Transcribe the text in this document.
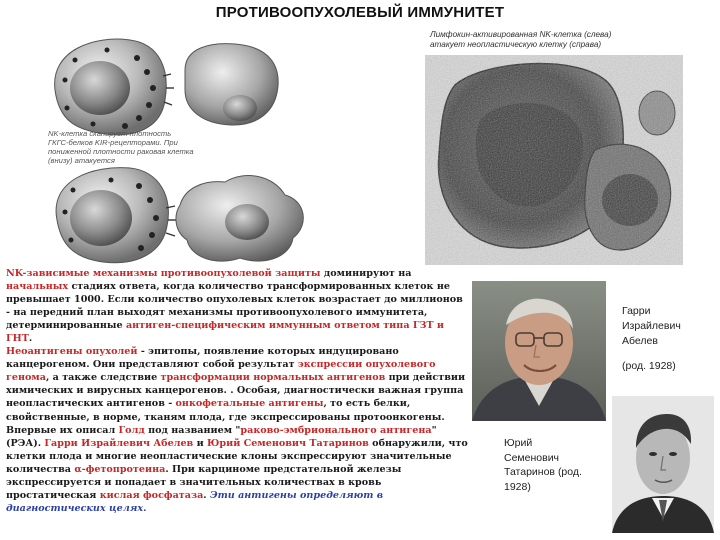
ПРОТИВООПУХОЛЕВЫЙ ИММУНИТЕТ
NK-клетка сканирует плотность
ГКГС-белков KIR-рецепторами. При
пониженной плотности раковая клетка
(внизу) атакуется
Лимфокин-активированная NK-клетка (слева)
атакует неопластическую клетку (справа)
NK-зависимые механизмы противоопухолевой защиты доминируют на начальных стадиях ответа, когда количество трансформированных клеток не превышает 1000. Если количество опухолевых клеток возрастает до миллионов - на передний план выходят механизмы противоопухолевого иммунитета, детерминированные антиген-специфическим иммунным ответом типа ГЗТ и ГНТ.
Неоантигены опухолей - эпитопы, появление которых индуцировано канцерогеном. Они представляют собой результат экспрессии опухолевого генома, а также следствие трансформации нормальных антигенов при действии химических и вирусных канцерогенов. . Особая, диагностически важная группа неопластических антигенов - онкофетальные антигены, то есть белки, свойственные, в норме, тканям плода, где экспрессированы протоонкогены. Впервые их описал Голд под названием "раково-эмбрионального антигена" (РЭА). Гарри Израйлевич Абелев и Юрий Семенович Татаринов обнаружили, что клетки плода и многие неопластические клоны экспрессируют значительные количества α-фетопротеина. При карциноме предстательной железы экспрессируется и попадает в значительных количествах в кровь простатическая кислая фосфатаза. Эти антигены определяют в диагностических целях.
Гарри
Израйлевич
Абелев
(род. 1928)
Юрий
Семенович
Татаринов (род. 1928)
